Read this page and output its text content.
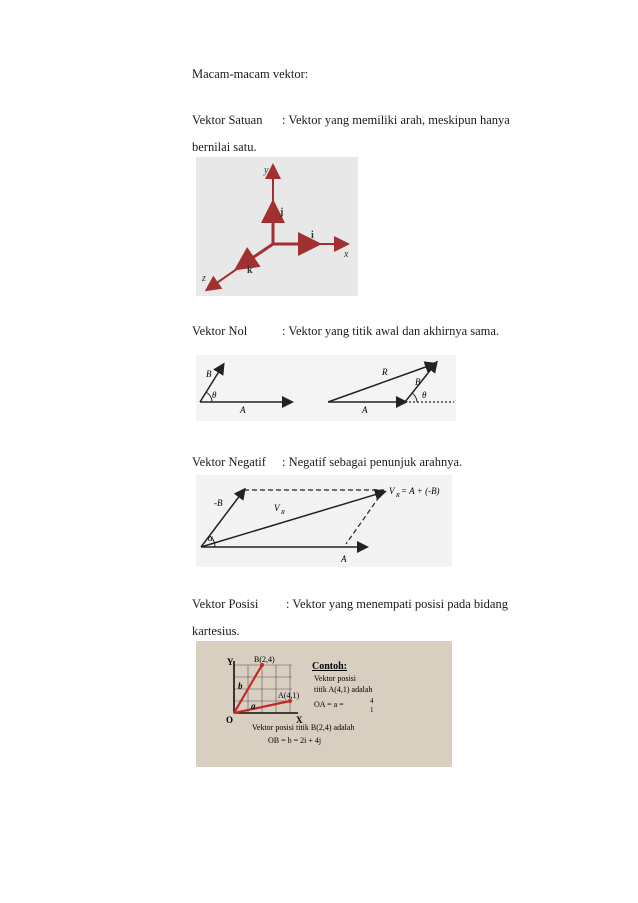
Macam-macam vektor:
Vektor Satuan : Vektor yang memiliki arah, meskipun hanya
bernilai satu.
y
j
i
x
k
z
Vektor Nol	: Vektor yang titik awal dan akhirnya sama.
B
θ
A
R
B
θ
A
Vektor Negatif : Negatif sebagai penunjuk arahnya.
-B	V R
α
A
V R = A + (-B)
Vektor Posisi : Vektor yang menempati posisi pada bidang
kartesius.
Y
X
O
B(2,4)
A(4,1)
b
a
Contoh:
Vektor posisi
titik A(4,1) adalah
OA = a =	4
1
Vektor posisi titik B(2,4) adalah
OB = b = 2i + 4j
